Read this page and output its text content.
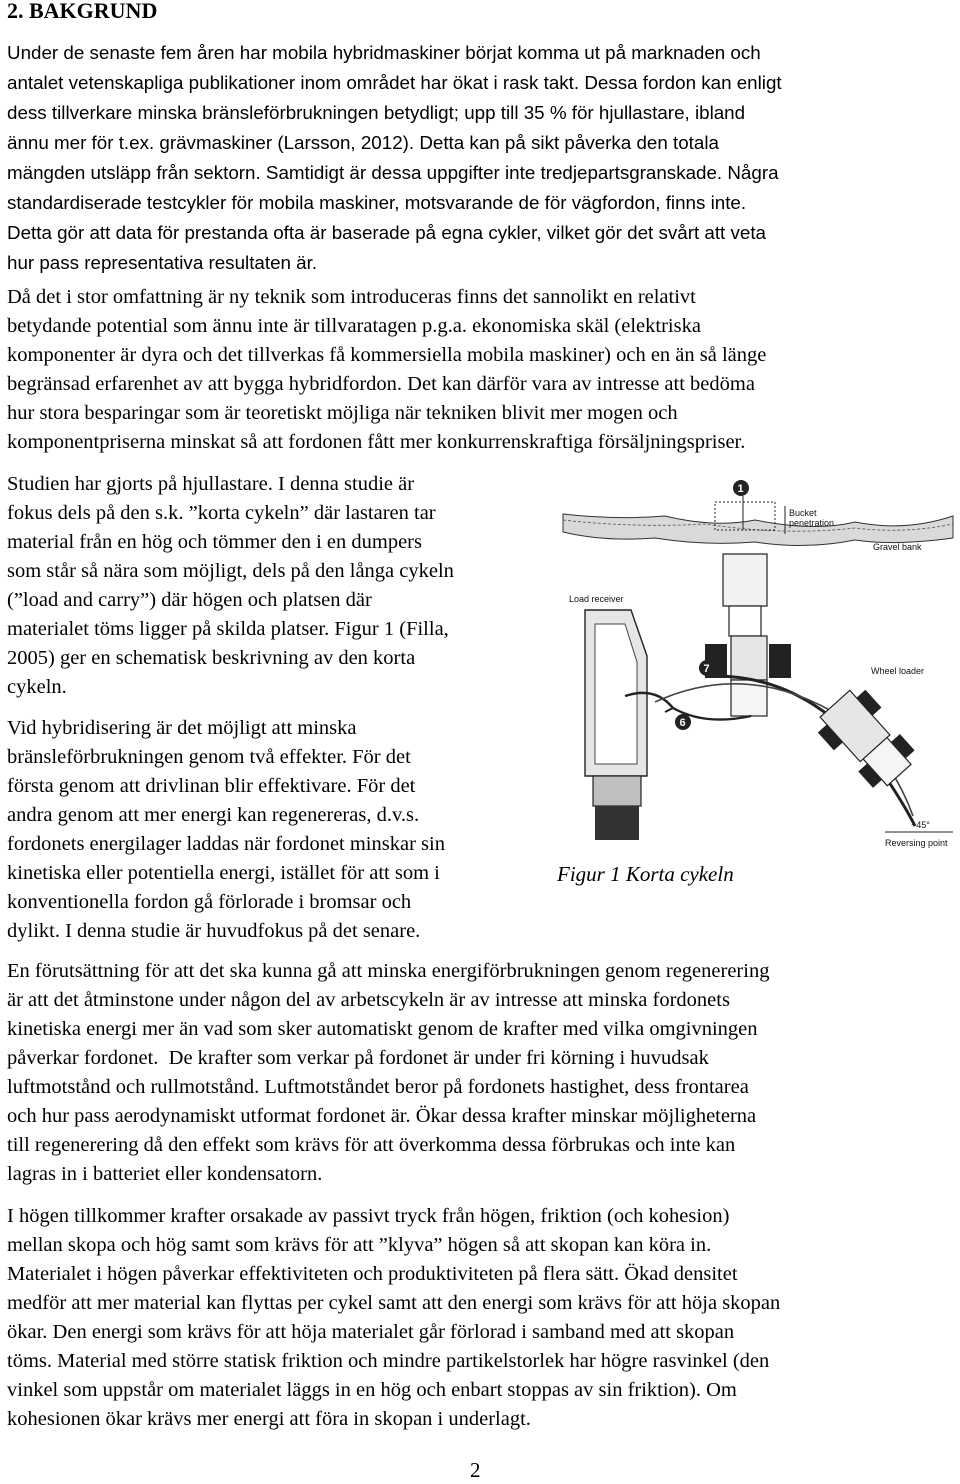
2. BAKGRUND

Under de senaste fem åren har mobila hybridmaskiner börjat komma ut på marknaden och
antalet vetenskapliga publikationer inom området har ökat i rask takt. Dessa fordon kan enligt
dess tillverkare minska bränsleförbrukningen betydligt; upp till 35 % för hjullastare, ibland
ännu mer för t.ex. grävmaskiner (Larsson, 2012). Detta kan på sikt påverka den totala
mängden utsläpp från sektorn. Samtidigt är dessa uppgifter inte tredjepartsgranskade. Några
standardiserade testcykler för mobila maskiner, motsvarande de för vägfordon, finns inte.
Detta gör att data för prestanda ofta är baserade på egna cykler, vilket gör det svårt att veta
hur pass representativa resultaten är.

Då det i stor omfattning är ny teknik som introduceras finns det sannolikt en relativt
betydande potential som ännu inte är tillvaratagen p.g.a. ekonomiska skäl (elektriska
komponenter är dyra och det tillverkas få kommersiella mobila maskiner) och en än så länge
begränsad erfarenhet av att bygga hybridfordon. Det kan därför vara av intresse att bedöma
hur stora besparingar som är teoretiskt möjliga när tekniken blivit mer mogen och
komponentpriserna minskat så att fordonen fått mer konkurrenskraftiga försäljningspriser.

Studien har gjorts på hjullastare. I denna studie är
fokus dels på den s.k. ”korta cykeln” där lastaren tar
material från en hög och tömmer den i en dumpers
som står så nära som möjligt, dels på den långa cykeln
(”load and carry”) där högen och platsen där
materialet töms ligger på skilda platser. Figur 1 (Filla,
2005) ger en schematisk beskrivning av den korta
cykeln.

Vid hybridisering är det möjligt att minska
bränsleförbrukningen genom två effekter. För det
första genom att drivlinan blir effektivare. För det
andra genom att mer energi kan regenereras, d.v.s.
fordonets energilager laddas när fordonet minskar sin
kinetiska eller potentiella energi, istället för att som i
konventionella fordon gå förlorade i bromsar och
dylikt. I denna studie är huvudfokus på det senare.

Gravel bank
Bucket
penetration
1
Load receiver
Wheel loader
7
6
~45°
Reversing point

Figur 1 Korta cykeln

En förutsättning för att det ska kunna gå att minska energiförbrukningen genom regenerering
är att det åtminstone under någon del av arbetscykeln är av intresse att minska fordonets
kinetiska energi mer än vad som sker automatiskt genom de krafter med vilka omgivningen
påverkar fordonet.  De krafter som verkar på fordonet är under fri körning i huvudsak
luftmotstånd och rullmotstånd. Luftmotståndet beror på fordonets hastighet, dess frontarea
och hur pass aerodynamiskt utformat fordonet är. Ökar dessa krafter minskar möjligheterna
till regenerering då den effekt som krävs för att överkomma dessa förbrukas och inte kan
lagras in i batteriet eller kondensatorn.

I högen tillkommer krafter orsakade av passivt tryck från högen, friktion (och kohesion)
mellan skopa och hög samt som krävs för att ”klyva” högen så att skopan kan köra in.
Materialet i högen påverkar effektiviteten och produktiviteten på flera sätt. Ökad densitet
medför att mer material kan flyttas per cykel samt att den energi som krävs för att höja skopan
ökar. Den energi som krävs för att höja materialet går förlorad i samband med att skopan
töms. Material med större statisk friktion och mindre partikelstorlek har högre rasvinkel (den
vinkel som uppstår om materialet läggs in en hög och enbart stoppas av sin friktion). Om
kohesionen ökar krävs mer energi att föra in skopan i underlagt.

2
